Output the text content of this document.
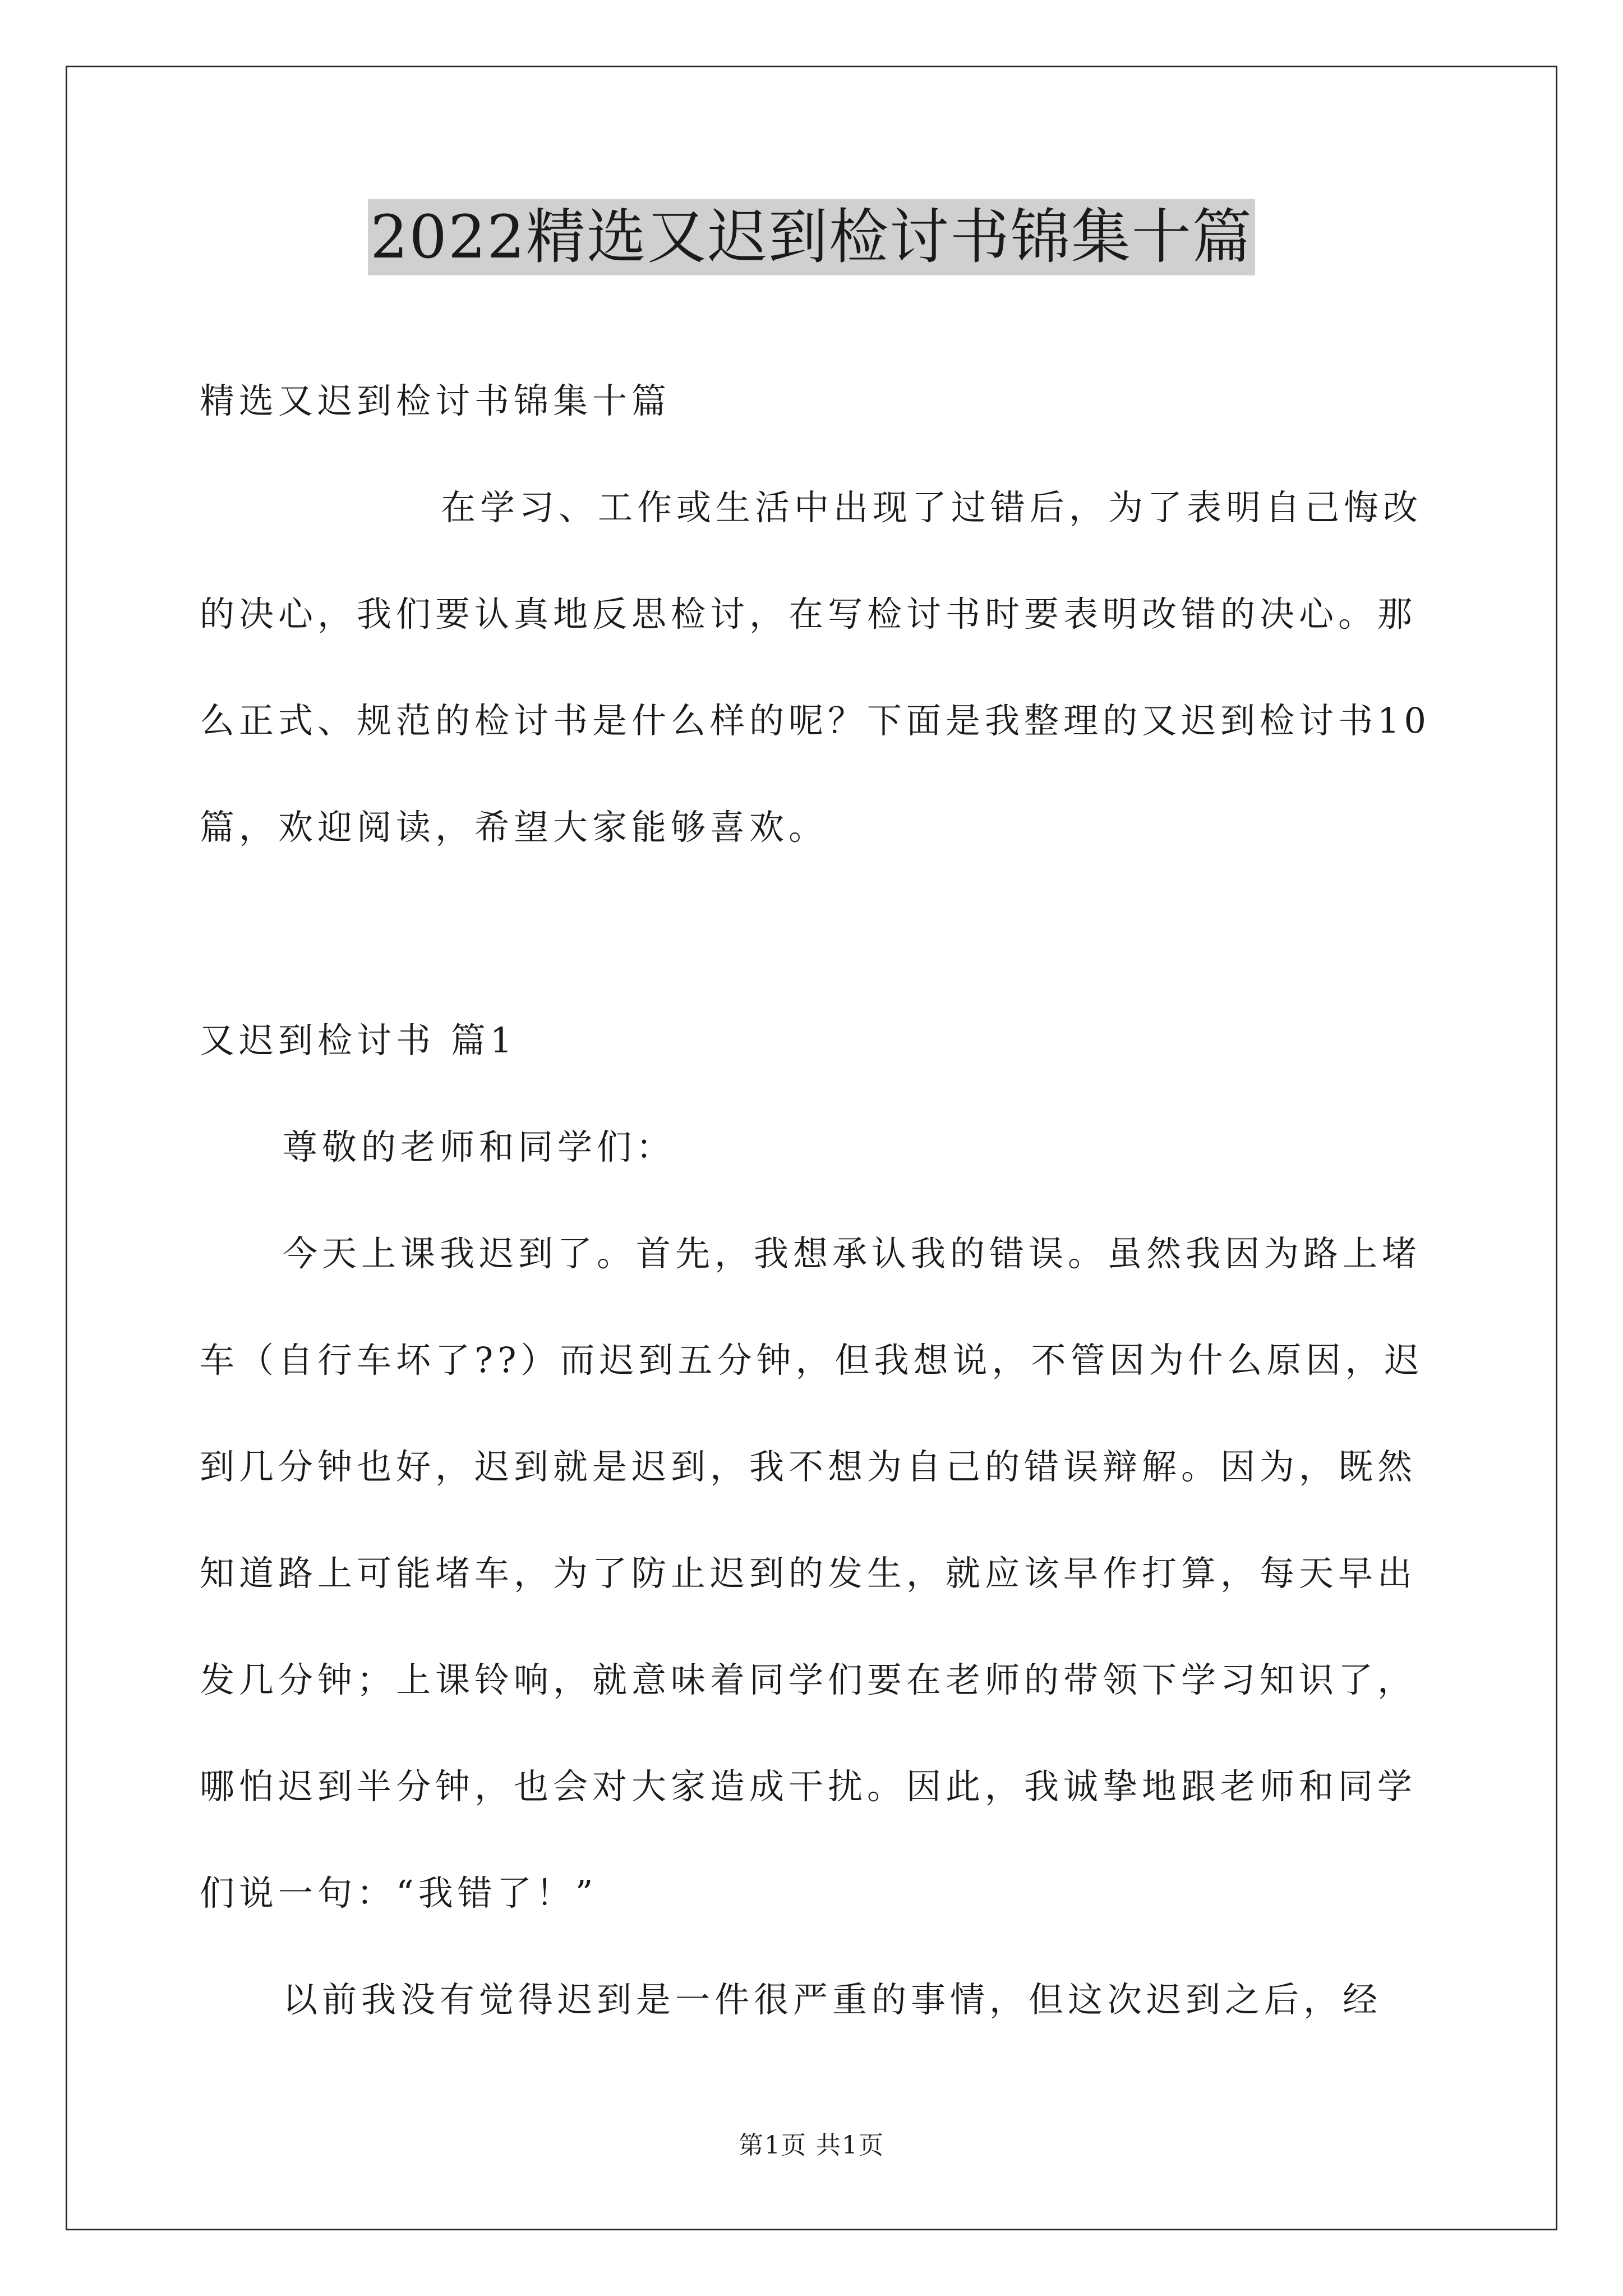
2022精选又迟到检讨书锦集十篇

精选又迟到检讨书锦集十篇

在学习、工作或生活中出现了过错后，为了表明自己悔改的决心，我们要认真地反思检讨，在写检讨书时要表明改错的决心。那么正式、规范的检讨书是什么样的呢？下面是我整理的又迟到检讨书10篇，欢迎阅读，希望大家能够喜欢。

又迟到检讨书 篇1

尊敬的老师和同学们：

今天上课我迟到了。首先，我想承认我的错误。虽然我因为路上堵车（自行车坏了??）而迟到五分钟，但我想说，不管因为什么原因，迟到几分钟也好，迟到就是迟到，我不想为自己的错误辩解。因为，既然知道路上可能堵车，为了防止迟到的发生，就应该早作打算，每天早出发几分钟；上课铃响，就意味着同学们要在老师的带领下学习知识了，哪怕迟到半分钟，也会对大家造成干扰。因此，我诚挚地跟老师和同学们说一句：“我错了！”

以前我没有觉得迟到是一件很严重的事情，但这次迟到之后，经

第1页 共1页
